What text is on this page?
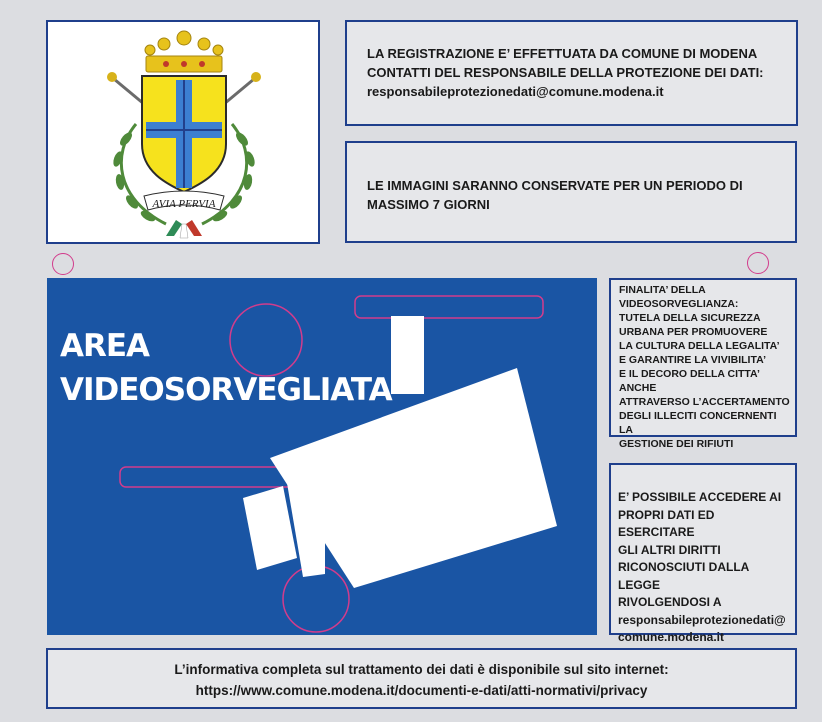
AVIA PERVIA
LA REGISTRAZIONE E’ EFFETTUATA DA COMUNE DI MODENA
CONTATTI DEL RESPONSABILE DELLA PROTEZIONE DEI DATI:
responsabileprotezionedati@comune.modena.it
LE IMMAGINI SARANNO CONSERVATE PER UN PERIODO DI
MASSIMO 7 GIORNI
AREA
VIDEOSORVEGLIATA
FINALITA’ DELLA
VIDEOSORVEGLIANZA:
TUTELA DELLA SICUREZZA
URBANA PER PROMUOVERE
LA CULTURA DELLA LEGALITA’
E GARANTIRE LA VIVIBILITA’
E IL DECORO DELLA CITTA’ ANCHE
ATTRAVERSO L’ACCERTAMENTO
DEGLI ILLECITI CONCERNENTI LA
GESTIONE DEI RIFIUTI
E’ POSSIBILE ACCEDERE AI
PROPRI DATI ED ESERCITARE
GLI ALTRI DIRITTI
RICONOSCIUTI DALLA LEGGE
RIVOLGENDOSI A
responsabileprotezionedati@
comune.modena.it
L’informativa completa sul trattamento dei dati è disponibile sul sito internet:
https://www.comune.modena.it/documenti-e-dati/atti-normativi/privacy
